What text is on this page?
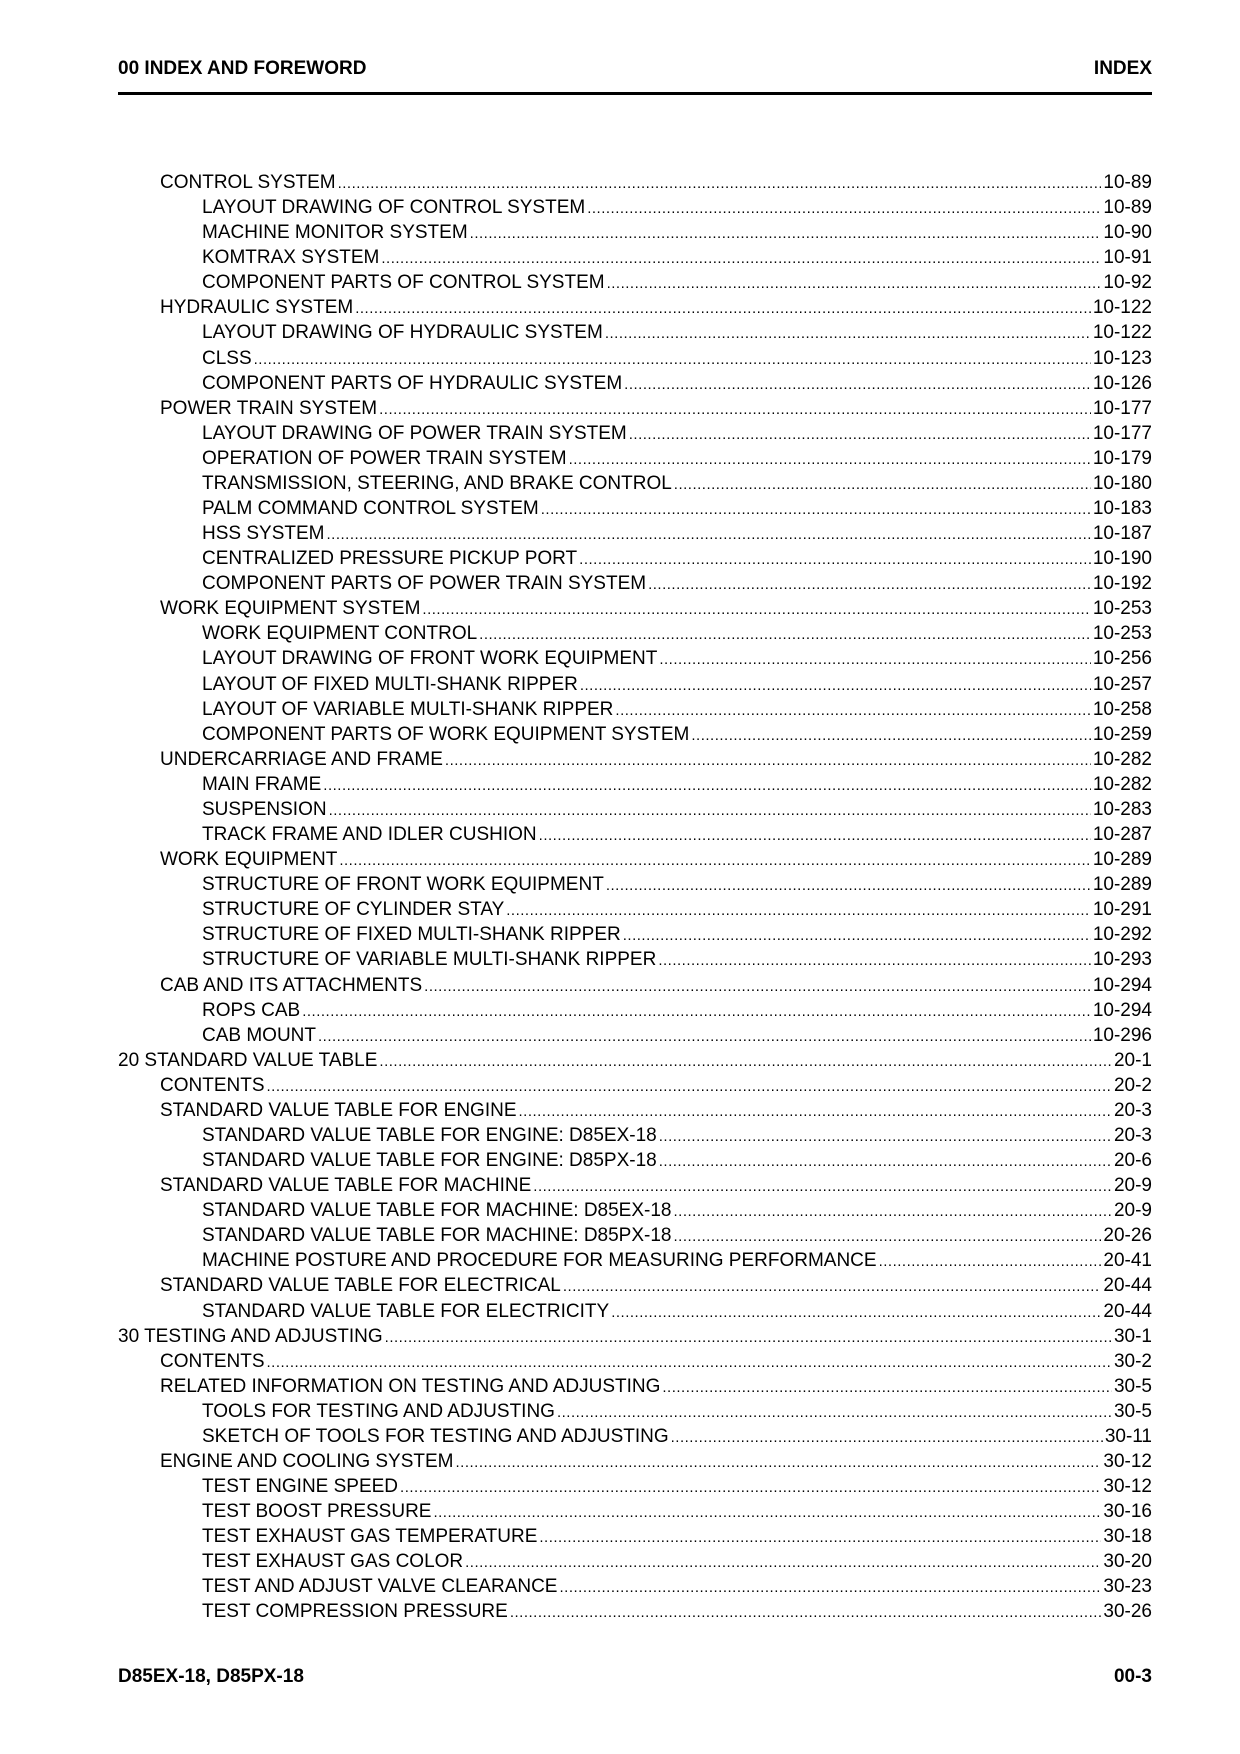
00 INDEX AND FOREWORD	INDEX
CONTROL SYSTEM .....	10-89
LAYOUT DRAWING OF CONTROL SYSTEM .....	10-89
MACHINE MONITOR SYSTEM .....	10-90
KOMTRAX SYSTEM .....	10-91
COMPONENT PARTS OF CONTROL SYSTEM .....	10-92
HYDRAULIC SYSTEM .....	10-122
LAYOUT DRAWING OF HYDRAULIC SYSTEM .....	10-122
CLSS .....	10-123
COMPONENT PARTS OF HYDRAULIC SYSTEM .....	10-126
POWER TRAIN SYSTEM .....	10-177
LAYOUT DRAWING OF POWER TRAIN SYSTEM .....	10-177
OPERATION OF POWER TRAIN SYSTEM .....	10-179
TRANSMISSION, STEERING, AND BRAKE CONTROL .....	10-180
PALM COMMAND CONTROL SYSTEM .....	10-183
HSS SYSTEM .....	10-187
CENTRALIZED PRESSURE PICKUP PORT .....	10-190
COMPONENT PARTS OF POWER TRAIN SYSTEM .....	10-192
WORK EQUIPMENT SYSTEM .....	10-253
WORK EQUIPMENT CONTROL .....	10-253
LAYOUT DRAWING OF FRONT WORK EQUIPMENT .....	10-256
LAYOUT OF FIXED MULTI-SHANK RIPPER .....	10-257
LAYOUT OF VARIABLE MULTI-SHANK RIPPER .....	10-258
COMPONENT PARTS OF WORK EQUIPMENT SYSTEM .....	10-259
UNDERCARRIAGE AND FRAME .....	10-282
MAIN FRAME .....	10-282
SUSPENSION .....	10-283
TRACK FRAME AND IDLER CUSHION .....	10-287
WORK EQUIPMENT .....	10-289
STRUCTURE OF FRONT WORK EQUIPMENT .....	10-289
STRUCTURE OF CYLINDER STAY .....	10-291
STRUCTURE OF FIXED MULTI-SHANK RIPPER .....	10-292
STRUCTURE OF VARIABLE MULTI-SHANK RIPPER .....	10-293
CAB AND ITS ATTACHMENTS .....	10-294
ROPS CAB .....	10-294
CAB MOUNT .....	10-296
20 STANDARD VALUE TABLE .....	20-1
CONTENTS .....	20-2
STANDARD VALUE TABLE FOR ENGINE .....	20-3
STANDARD VALUE TABLE FOR ENGINE: D85EX-18 .....	20-3
STANDARD VALUE TABLE FOR ENGINE: D85PX-18 .....	20-6
STANDARD VALUE TABLE FOR MACHINE .....	20-9
STANDARD VALUE TABLE FOR MACHINE: D85EX-18 .....	20-9
STANDARD VALUE TABLE FOR MACHINE: D85PX-18 .....	20-26
MACHINE POSTURE AND PROCEDURE FOR MEASURING PERFORMANCE .....	20-41
STANDARD VALUE TABLE FOR ELECTRICAL .....	20-44
STANDARD VALUE TABLE FOR ELECTRICITY .....	20-44
30 TESTING AND ADJUSTING .....	30-1
CONTENTS .....	30-2
RELATED INFORMATION ON TESTING AND ADJUSTING .....	30-5
TOOLS FOR TESTING AND ADJUSTING .....	30-5
SKETCH OF TOOLS FOR TESTING AND ADJUSTING .....	30-11
ENGINE AND COOLING SYSTEM .....	30-12
TEST ENGINE SPEED .....	30-12
TEST BOOST PRESSURE .....	30-16
TEST EXHAUST GAS TEMPERATURE .....	30-18
TEST EXHAUST GAS COLOR .....	30-20
TEST AND ADJUST VALVE CLEARANCE .....	30-23
TEST COMPRESSION PRESSURE .....	30-26
D85EX-18, D85PX-18	00-3
